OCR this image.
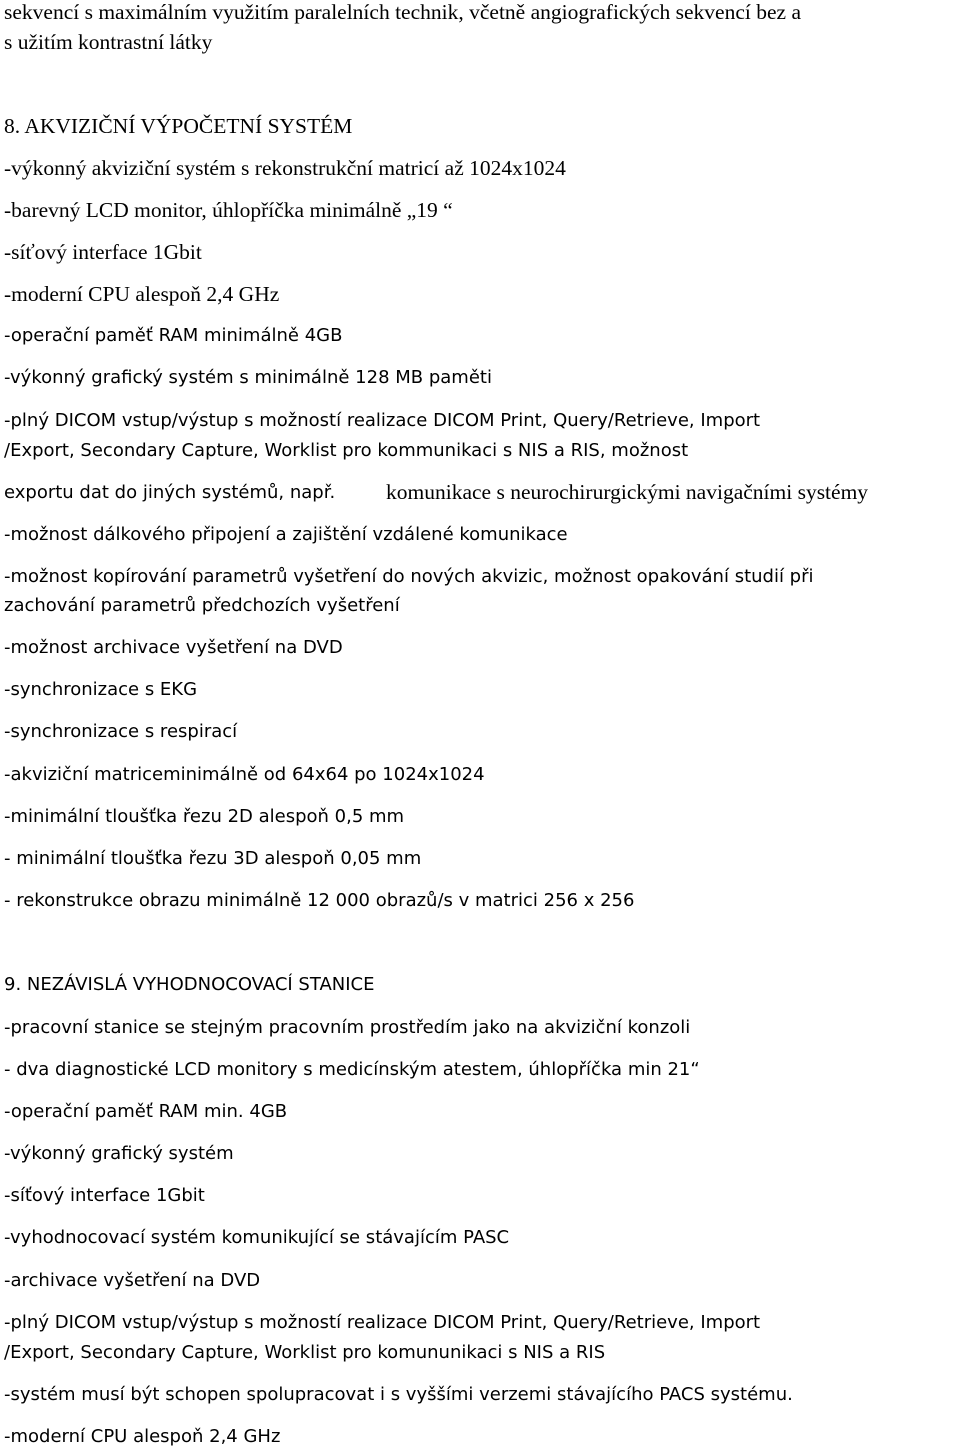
sekvencí s maximálním využitím paralelních technik, včetně angiografických sekvencí bez a
s užitím kontrastní látky
8. AKVIZIČNÍ VÝPOČETNÍ SYSTÉM
-výkonný akviziční systém s rekonstrukční matricí až 1024x1024
-barevný LCD monitor, úhlopříčka minimálně „19 “
-síťový interface 1Gbit
-moderní CPU alespoň 2,4 GHz
-operační paměť RAM minimálně 4GB
-výkonný grafický systém s minimálně 128 MB paměti
-plný DICOM vstup/výstup s možností realizace DICOM Print, Query/Retrieve, Import
/Export, Secondary Capture, Worklist pro kommunikaci s NIS a RIS, možnost
exportu dat do jiných systémů, např. komunikace s neurochirurgickými navigačními systémy
-možnost dálkového připojení a zajištění vzdálené komunikace
-možnost kopírování parametrů vyšetření do nových akvizic, možnost opakování studií při
zachování parametrů předchozích vyšetření
-možnost archivace vyšetření na DVD
-synchronizace s EKG
-synchronizace s respirací
-akviziční matriceminimálně od 64x64 po 1024x1024
-minimální tloušťka řezu 2D alespoň 0,5 mm
- minimální tloušťka řezu 3D alespoň 0,05 mm
- rekonstrukce obrazu minimálně 12 000 obrazů/s v matrici 256 x 256
9. NEZÁVISLÁ VYHODNOCOVACÍ STANICE
-pracovní stanice se stejným pracovním prostředím jako na akviziční konzoli
- dva diagnostické LCD monitory s medicínským atestem, úhlopříčka min 21“
-operační paměť RAM min. 4GB
-výkonný grafický systém
-síťový interface 1Gbit
-vyhodnocovací systém komunikující se stávajícím PASC
-archivace vyšetření na DVD
-plný DICOM vstup/výstup s možností realizace DICOM Print, Query/Retrieve, Import
/Export, Secondary Capture, Worklist pro komununikaci s NIS a RIS
-systém musí být schopen spolupracovat i s vyššími verzemi stávajícího PACS systému.
-moderní CPU alespoň 2,4 GHz
